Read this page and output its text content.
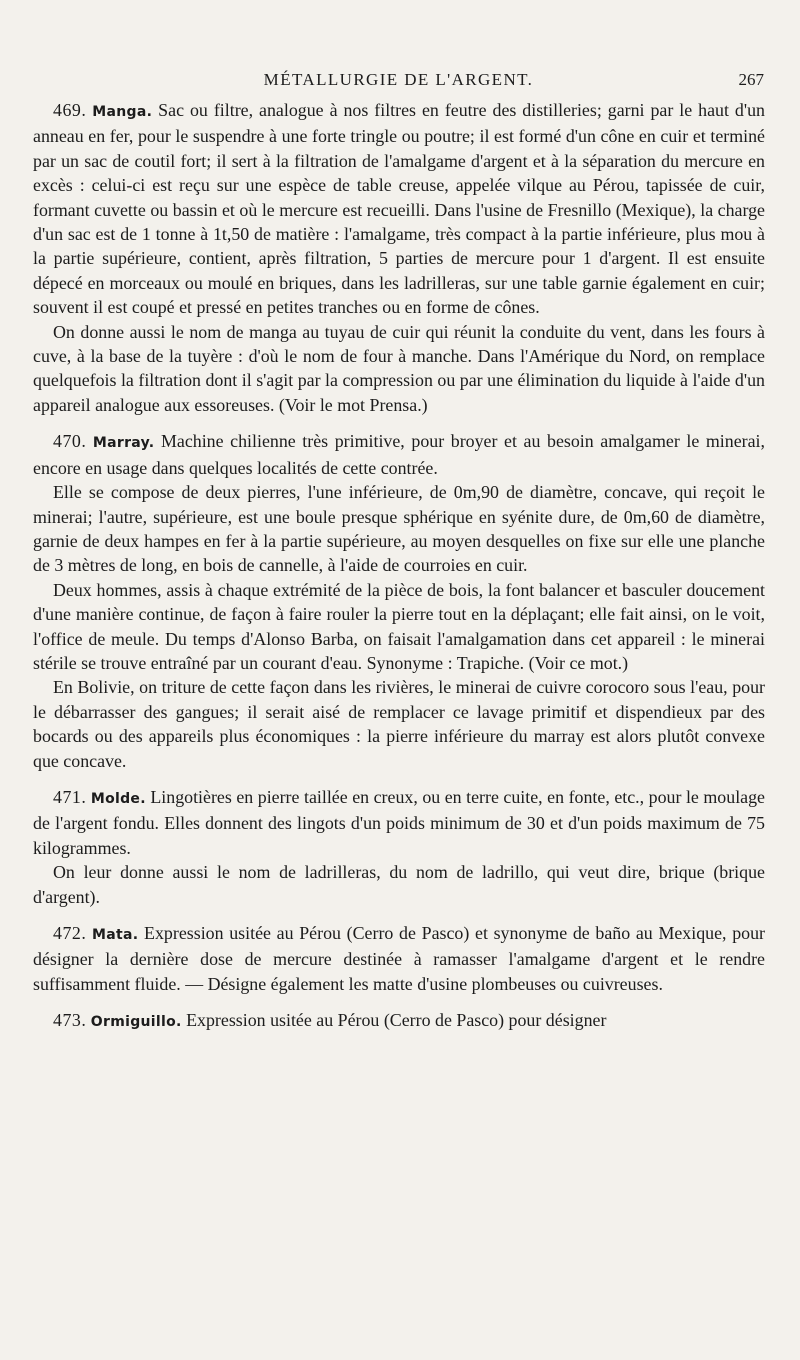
MÉTALLURGIE DE L'ARGENT.	267

469. Manga. Sac ou filtre, analogue à nos filtres en feutre des distilleries; garni par le haut d'un anneau en fer, pour le suspendre à une forte tringle ou poutre; il est formé d'un cône en cuir et terminé par un sac de coutil fort; il sert à la filtration de l'amalgame d'argent et à la séparation du mercure en excès : celui-ci est reçu sur une espèce de table creuse, appelée vilque au Pérou, tapissée de cuir, formant cuvette ou bassin et où le mercure est recueilli. Dans l'usine de Fresnillo (Mexique), la charge d'un sac est de 1 tonne à 1t,50 de matière : l'amalgame, très compact à la partie inférieure, plus mou à la partie supérieure, contient, après filtration, 5 parties de mercure pour 1 d'argent. Il est ensuite dépecé en morceaux ou moulé en briques, dans les ladrilleras, sur une table garnie également en cuir; souvent il est coupé et pressé en petites tranches ou en forme de cônes.

On donne aussi le nom de manga au tuyau de cuir qui réunit la conduite du vent, dans les fours à cuve, à la base de la tuyère : d'où le nom de four à manche. Dans l'Amérique du Nord, on remplace quelquefois la filtration dont il s'agit par la compression ou par une élimination du liquide à l'aide d'un appareil analogue aux essoreuses. (Voir le mot Prensa.)

470. Marray. Machine chilienne très primitive, pour broyer et au besoin amalgamer le minerai, encore en usage dans quelques localités de cette contrée.

Elle se compose de deux pierres, l'une inférieure, de 0m,90 de diamètre, concave, qui reçoit le minerai; l'autre, supérieure, est une boule presque sphérique en syénite dure, de 0m,60 de diamètre, garnie de deux hampes en fer à la partie supérieure, au moyen desquelles on fixe sur elle une planche de 3 mètres de long, en bois de cannelle, à l'aide de courroies en cuir.

Deux hommes, assis à chaque extrémité de la pièce de bois, la font balancer et basculer doucement d'une manière continue, de façon à faire rouler la pierre tout en la déplaçant; elle fait ainsi, on le voit, l'office de meule. Du temps d'Alonso Barba, on faisait l'amalgamation dans cet appareil : le minerai stérile se trouve entraîné par un courant d'eau. Synonyme : Trapiche. (Voir ce mot.)

En Bolivie, on triture de cette façon dans les rivières, le minerai de cuivre corocoro sous l'eau, pour le débarrasser des gangues; il serait aisé de remplacer ce lavage primitif et dispendieux par des bocards ou des appareils plus économiques : la pierre inférieure du marray est alors plutôt convexe que concave.

471. Molde. Lingotières en pierre taillée en creux, ou en terre cuite, en fonte, etc., pour le moulage de l'argent fondu. Elles donnent des lingots d'un poids minimum de 30 et d'un poids maximum de 75 kilogrammes.

On leur donne aussi le nom de ladrilleras, du nom de ladrillo, qui veut dire, brique (brique d'argent).

472. Mata. Expression usitée au Pérou (Cerro de Pasco) et synonyme de baño au Mexique, pour désigner la dernière dose de mercure destinée à ramasser l'amalgame d'argent et le rendre suffisamment fluide. — Désigne également les matte d'usine plombeuses ou cuivreuses.

473. Ormiguillo. Expression usitée au Pérou (Cerro de Pasco) pour désigner
